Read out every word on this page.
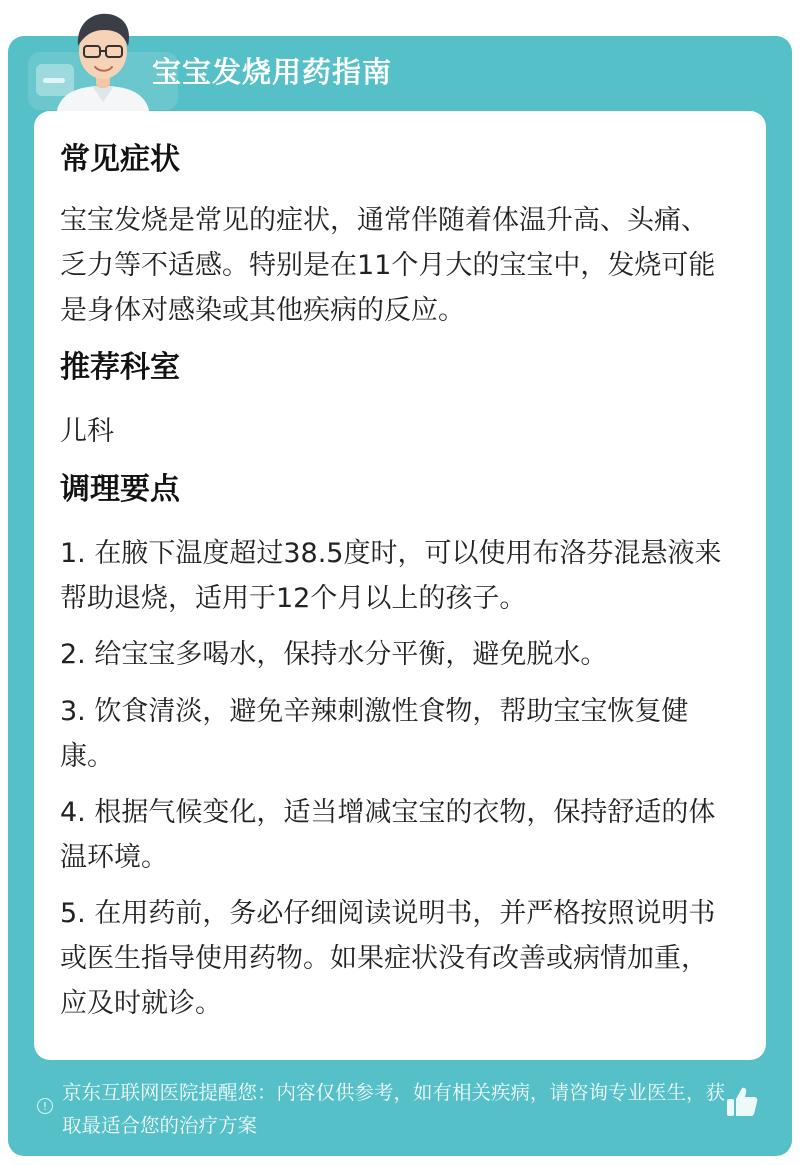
宝宝发烧用药指南
常见症状
宝宝发烧是常见的症状，通常伴随着体温升高、头痛、乏力等不适感。特别是在11个月大的宝宝中，发烧可能是身体对感染或其他疾病的反应。
推荐科室
儿科
调理要点
1. 在腋下温度超过38.5度时，可以使用布洛芬混悬液来帮助退烧，适用于12个月以上的孩子。
2. 给宝宝多喝水，保持水分平衡，避免脱水。
3. 饮食清淡，避免辛辣刺激性食物，帮助宝宝恢复健康。
4. 根据气候变化，适当增减宝宝的衣物，保持舒适的体温环境。
5. 在用药前，务必仔细阅读说明书，并严格按照说明书或医生指导使用药物。如果症状没有改善或病情加重，应及时就诊。
!
京东互联网医院提醒您：内容仅供参考，如有相关疾病，请咨询专业医生，获取最适合您的治疗方案
